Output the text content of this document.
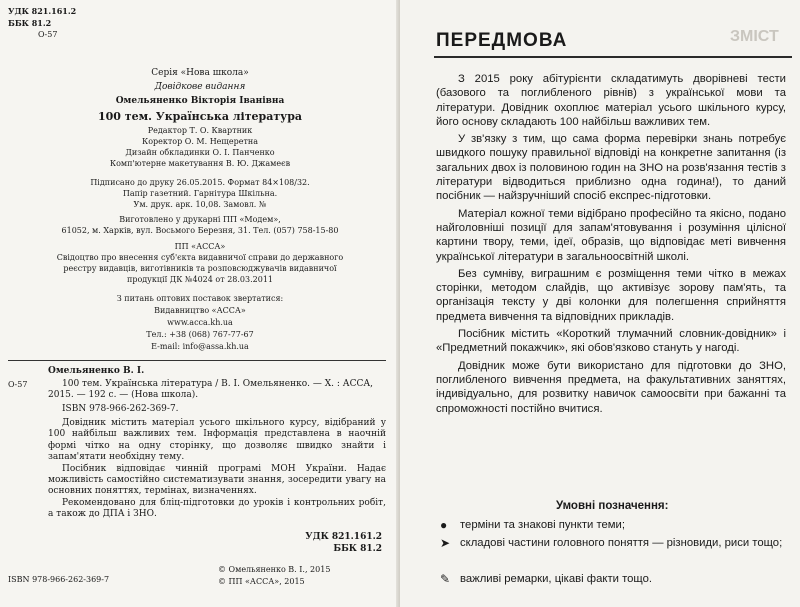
УДК 821.161.2
ББК 81.2
О-57
Серія «Нова школа»
Довідкове видання
Омельяненко Вікторія Іванівна
100 тем. Українська література
Редактор Т. О. Квартник
Коректор О. М. Нещеретна
Дизайн обкладинки О. І. Панченко
Комп'ютерне макетування В. Ю. Джамеєв
Підписано до друку 26.05.2015. Формат 84×108/32.
Папір газетний. Гарнітура Шкільна.
Ум. друк. арк. 10,08. Замовл. №
Виготовлено у друкарні ПП «Модем»,
61052, м. Харків, вул. Восьмого Березня, 31. Тел. (057) 758-15-80
ПП «АССА»
Свідоцтво про внесення суб'єкта видавничої справи до державного
реєстру видавців, виготівників та розповсюджувачів видавничої
продукції ДК №4024 от 28.03.2011
З питань оптових поставок звертатися:
Видавництво «АССА»
www.acca.kh.ua
Тел.: +38 (068) 767-77-67
E-mail: info@assa.kh.ua
Омельяненко В. І.
О-57	100 тем. Українська література / В. І. Омельяненко. — Х. : АССА, 2015. — 192 с. — (Нова школа).
ISBN 978-966-262-369-7.

Довідник містить матеріал усього шкільного курсу, відібраний у 100 найбільш важливих тем. Інформація представлена в наочній формі чітко на одну сторінку, що дозволяє швидко знайти і запам'ятати необхідну тему.

Посібник відповідає чинній програмі МОН України. Надає можливість самостійно систематизувати знання, зосередити увагу на основних поняттях, термінах, визначеннях.

Рекомендовано для бліц-підготовки до уроків і контрольних робіт, а також до ДПА і ЗНО.

УДК 821.161.2
ББК 81.2
ISBN 978-966-262-369-7
© Омельяненко В. І., 2015
© ПП «АССА», 2015
ЗМІСТ
ПЕРЕДМОВА

З 2015 року абітурієнти складатимуть дворівневі тести (базового та поглибленого рівнів) з української мови та літератури. Довідник охоплює матеріал усього шкільного курсу, його основу складають 100 найбільш важливих тем.

У зв'язку з тим, що сама форма перевірки знань потребує швидкого пошуку правильної відповіді на конкретне запитання (із загальних двох із половиною годин на ЗНО на розв'язання тестів з літератури відводиться приблизно одна година!), то даний посібник — найзручніший спосіб експрес-підготовки.

Матеріал кожної теми відібрано професійно та якісно, подано найголовніші позиції для запам'ятовування і розуміння цілісної картини твору, теми, ідеї, образів, що відповідає меті вивчення української літератури в загальноосвітній школі.

Без сумніву, виграшним є розміщення теми чітко в межах сторінки, методом слайдів, що активізує зорову пам'ять, та організація тексту у дві колонки для полегшення сприйняття предмета вивчення та відповідних прикладів.

Посібник містить «Короткий тлумачний словник-довідник» і «Предметний покажчик», які обов'язково стануть у нагоді.

Довідник може бути використано для підготовки до ЗНО, поглибленого вивчення предмета, на факультативних заняттях, індивідуально, для розвитку навичок самоосвіти при бажанні та спроможності постійно вчитися.

Умовні позначення:
●	терміни та знакові пункти теми;
➤ складові частини головного поняття — різновиди, риси тощо;
✎ важливі ремарки, цікаві факти тощо.
